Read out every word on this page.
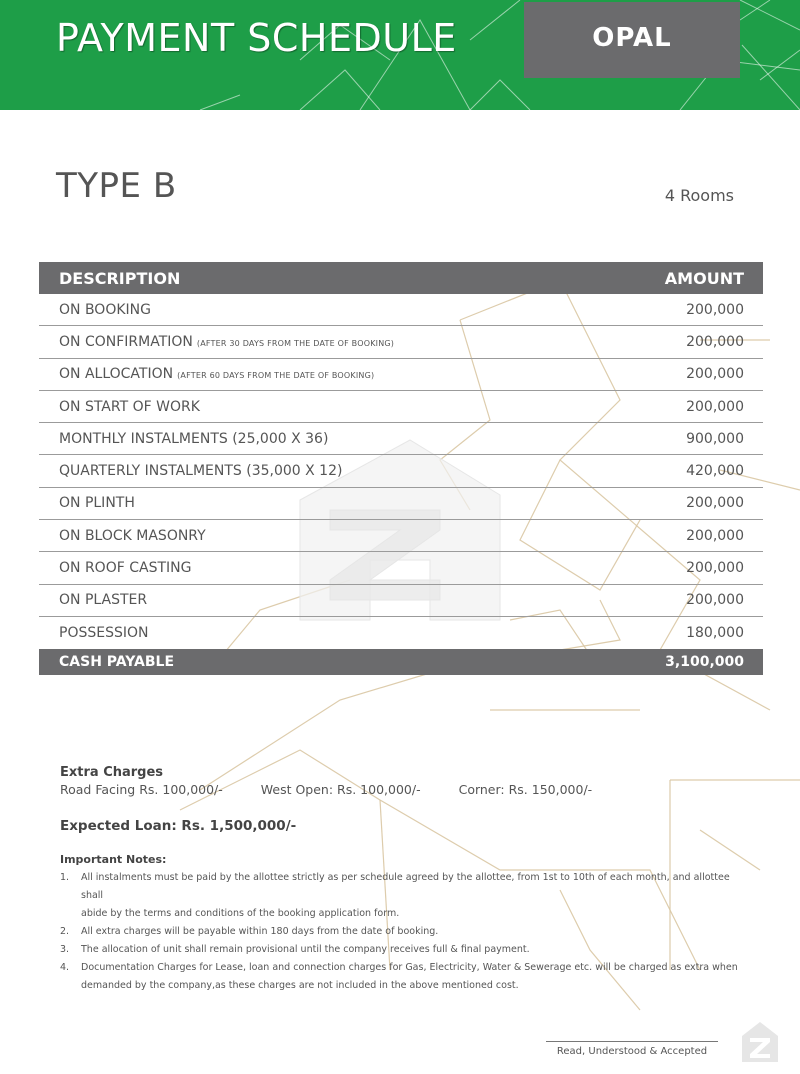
PAYMENT SCHEDULE	OPAL
TYPE B	4 Rooms
DESCRIPTION	AMOUNT
ON BOOKING	200,000
ON CONFIRMATION (AFTER 30 DAYS FROM THE DATE OF BOOKING)	200,000
ON ALLOCATION (AFTER 60 DAYS FROM THE DATE OF BOOKING)	200,000
ON START OF WORK	200,000
MONTHLY INSTALMENTS (25,000 X 36)	900,000
QUARTERLY INSTALMENTS (35,000 X 12)	420,000
ON PLINTH	200,000
ON BLOCK MASONRY	200,000
ON ROOF CASTING	200,000
ON PLASTER	200,000
POSSESSION	180,000
CASH PAYABLE	3,100,000
Extra Charges
Road Facing Rs. 100,000/-	West Open: Rs. 100,000/-	Corner: Rs. 150,000/-
Expected Loan: Rs. 1,500,000/-
Important Notes:
1.	All instalments must be paid by the allottee strictly as per schedule agreed by the allottee, from 1st to 10th of each month, and allottee shall
abide by the terms and conditions of the booking application form.
2.	All extra charges will be payable within 180 days from the date of booking.
3.	The allocation of unit shall remain provisional until the company receives full & final payment.
4.	Documentation Charges for Lease, loan and connection charges for Gas, Electricity, Water & Sewerage etc. will be charged as extra when
demanded by the company,as these charges are not included in the above mentioned cost.
Read, Understood & Accepted
